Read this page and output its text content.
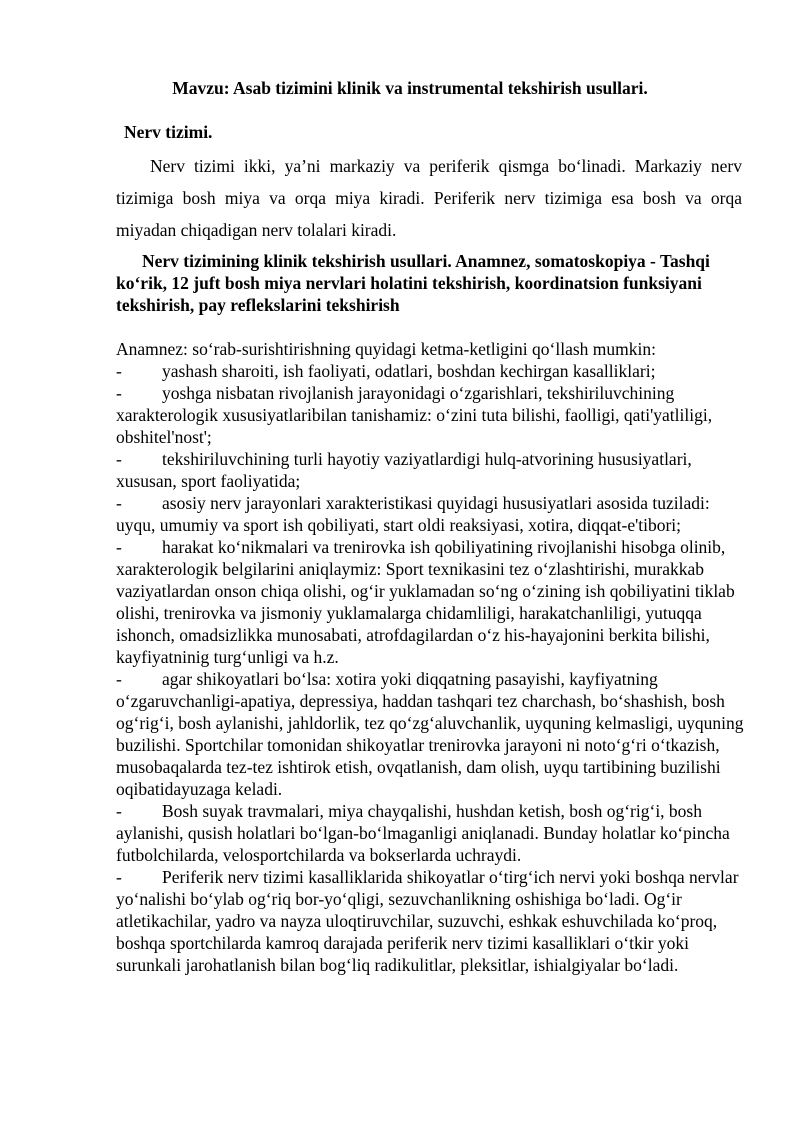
Mavzu: Asab tizimini klinik va instrumental tekshirish usullari.
Nerv tizimi.

Nerv tizimi ikki, ya’ni markaziy va periferik qismga bo‘linadi. Markaziy nerv tizimiga bosh miya va orqa miya kiradi. Periferik nerv tizimiga esa bosh va orqa miyadan chiqadigan nerv tolalari kiradi.

Nerv tizimining klinik tekshirish usullari. Anamnez, somatoskopiya - Tashqi ko‘rik, 12 juft bosh miya nervlari holatini tekshirish, koordinatsion funksiyani tekshirish, pay reflekslarini tekshirish

Anamnez: so‘rab-surishtirishning quyidagi ketma-ketligini qo‘llash mumkin:

- yashash sharoiti, ish faoliyati, odatlari, boshdan kechirgan kasalliklari;

- yoshga nisbatan rivojlanish jarayonidagi o‘zgarishlari, tekshiriluvchining xarakterologik xususiyatlaribilan tanishamiz: o‘zini tuta bilishi, faolligi, qati'yatliligi, obshitel'nost';

- tekshiriluvchining turli hayotiy vaziyatlardigi hulq-atvorining hususiyatlari, xususan, sport faoliyatida;

- asosiy nerv jarayonlari xarakteristikasi quyidagi hususiyatlari asosida tuziladi: uyqu, umumiy va sport ish qobiliyati, start oldi reaksiyasi, xotira, diqqat-e'tibori;

- harakat ko‘nikmalari va trenirovka ish qobiliyatining rivojlanishi hisobga olinib, xarakterologik belgilarini aniqlaymiz: Sport texnikasini tez o‘zlashtirishi, murakkab vaziyatlardan onson chiqa olishi, og‘ir yuklamadan so‘ng o‘zining ish qobiliyatini tiklab olishi, trenirovka va jismoniy yuklamalarga chidamliligi, harakatchanliligi, yutuqqa ishonch, omadsizlikka munosabati, atrofdagilardan o‘z his-hayajonini berkita bilishi, kayfiyatninig turg‘unligi va h.z.

- agar shikoyatlari bo‘lsa: xotira yoki diqqatning pasayishi, kayfiyatning o‘zgaruvchanligi-apatiya, depressiya, haddan tashqari tez charchash, bo‘shashish, bosh og‘rig‘i, bosh aylanishi, jahldorlik, tez qo‘zg‘aluvchanlik, uyquning kelmasligi, uyquning buzilishi. Sportchilar tomonidan shikoyatlar trenirovka jarayoni ni noto‘g‘ri o‘tkazish, musobaqalarda tez-tez ishtirok etish, ovqatlanish, dam olish, uyqu tartibining buzilishi oqibatidayuzaga keladi.

- Bosh suyak travmalari, miya chayqalishi, hushdan ketish, bosh og‘rig‘i, bosh aylanishi, qusish holatlari bo‘lgan-bo‘lmaganligi aniqlanadi. Bunday holatlar ko‘pincha futbolchilarda, velosportchilarda va bokserlarda uchraydi.

- Periferik nerv tizimi kasalliklarida shikoyatlar o‘tirg‘ich nervi yoki boshqa nervlar yo‘nalishi bo‘ylab og‘riq bor-yo‘qligi, sezuvchanlikning oshishiga bo‘ladi. Og‘ir atletikachilar, yadro va nayza uloqtiruvchilar, suzuvchi, eshkak eshuvchilada ko‘proq, boshqa sportchilarda kamroq darajada periferik nerv tizimi kasalliklari o‘tkir yoki surunkali jarohatlanish bilan bog‘liq radikulitlar, pleksitlar, ishialgiyalar bo‘ladi.
